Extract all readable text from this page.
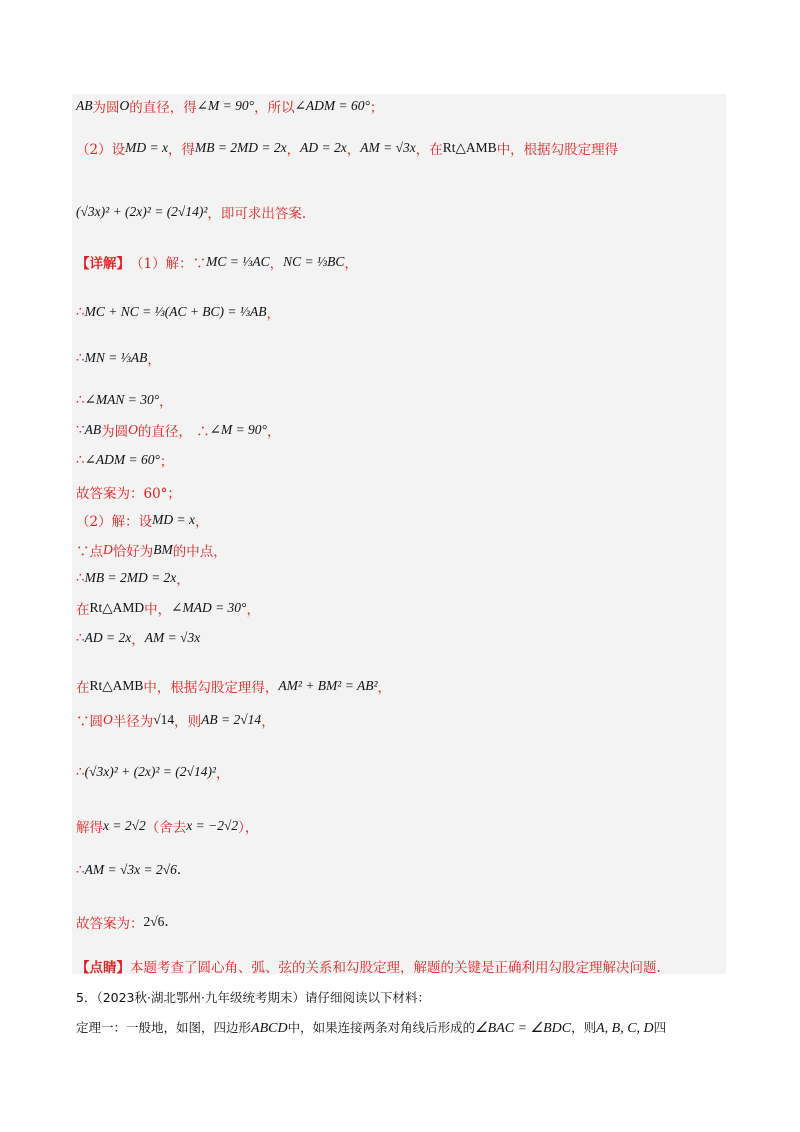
AB 为圆 O 的直径，得 ∠M = 90° ，所以 ∠ADM = 60° ；
（2）设 MD = x ，得 MB = 2MD = 2x ， AD = 2x ， AM = √3x ，在 Rt△AMB 中，根据勾股定理得
(√3x)² + (2x)² = (2√14)² ，即可求出答案.
【详解】 （1）解：∵ MC = ⅓AC ， NC = ⅓BC ，
∴ MC + NC = ⅓(AC + BC) = ⅓AB ，
∴ MN = ⅓AB ，
∴ ∠MAN = 30° ，
∵ AB 为圆 O 的直径， ∴ ∠M = 90° ，
∴ ∠ADM = 60° ；
故答案为：60°；
（2）解：设 MD = x ，
∵点 D 恰好为 BM 的中点，
∴ MB = 2MD = 2x ，
在 Rt△AMD 中， ∠MAD = 30° ，
∴ AD = 2x ， AM = √3x
在 Rt△AMB 中，根据勾股定理得， AM² + BM² = AB² ，
∵圆 O 半径为 √14 ，则 AB = 2√14 ，
∴ (√3x)² + (2x)² = (2√14)² ，
解得 x = 2√2 （舍去 x = −2√2 ），
∴ AM = √3x = 2√6 .
故答案为： 2√6 .
【点睛】 本题考查了圆心角、弧、弦的关系和勾股定理，解题的关键是正确利用勾股定理解决问题.
5．（2023秋·湖北鄂州·九年级统考期末）请仔细阅读以下材料：
定理一：一般地，如图，四边形ABCD中，如果连接两条对角线后形成的∠BAC = ∠BDC，则A, B, C, D四
